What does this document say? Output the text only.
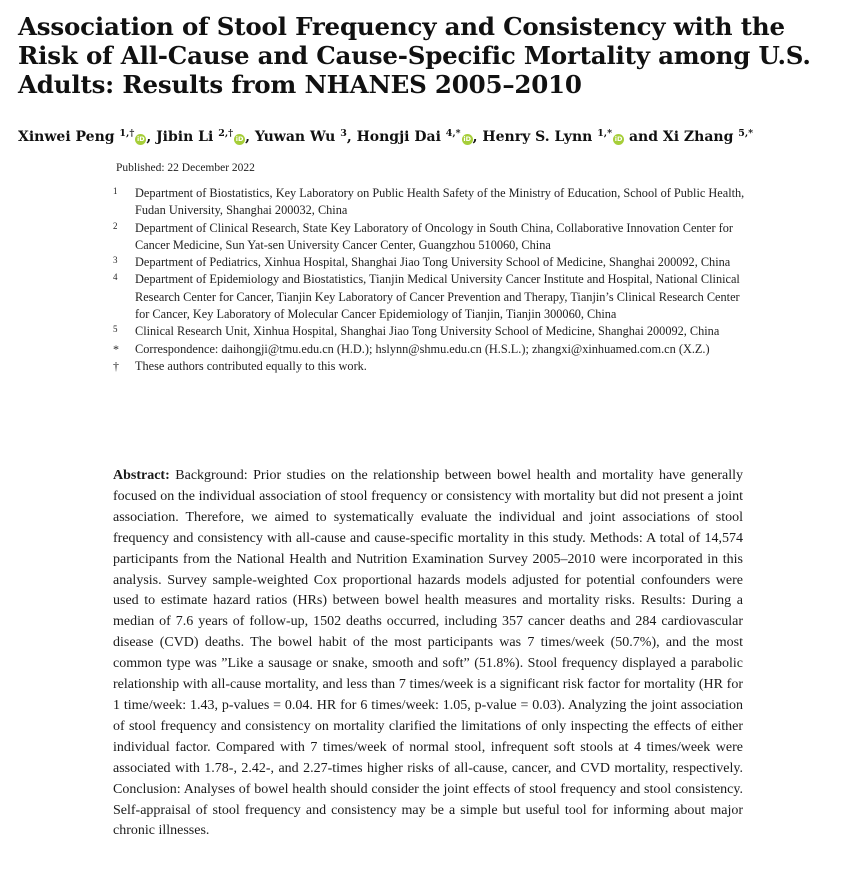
Association of Stool Frequency and Consistency with the Risk of All-Cause and Cause-Specific Mortality among U.S. Adults: Results from NHANES 2005–2010
Xinwei Peng $^{1,\dagger}$ iD , Jibin Li $^{2,\dagger}$ iD , Yuwan Wu $^3$, Hongji Dai $^{4,*}$ iD , Henry S. Lynn $^{1,*}$ iD and Xi Zhang $^{5,*}$
Published: 22 December 2022
1	Department of Biostatistics, Key Laboratory on Public Health Safety of the Ministry of Education, School of Public Health, Fudan University, Shanghai 200032, China
2	Department of Clinical Research, State Key Laboratory of Oncology in South China, Collaborative Innovation Center for Cancer Medicine, Sun Yat-sen University Cancer Center, Guangzhou 510060, China
3	Department of Pediatrics, Xinhua Hospital, Shanghai Jiao Tong University School of Medicine, Shanghai 200092, China
4	Department of Epidemiology and Biostatistics, Tianjin Medical University Cancer Institute and Hospital, National Clinical Research Center for Cancer, Tianjin Key Laboratory of Cancer Prevention and Therapy, Tianjin’s Clinical Research Center for Cancer, Key Laboratory of Molecular Cancer Epidemiology of Tianjin, Tianjin 300060, China
5	Clinical Research Unit, Xinhua Hospital, Shanghai Jiao Tong University School of Medicine, Shanghai 200092, China
*	Correspondence: daihongji@tmu.edu.cn (H.D.); hslynn@shmu.edu.cn (H.S.L.); zhangxi@xinhuamed.com.cn (X.Z.)
†	These authors contributed equally to this work.
Abstract: Background: Prior studies on the relationship between bowel health and mortality have generally focused on the individual association of stool frequency or consistency with mortality but did not present a joint association. Therefore, we aimed to systematically evaluate the individual and joint associations of stool frequency and consistency with all-cause and cause-specific mortality in this study. Methods: A total of 14,574 participants from the National Health and Nutrition Examination Survey 2005–2010 were incorporated in this analysis. Survey sample-weighted Cox proportional hazards models adjusted for potential confounders were used to estimate hazard ratios (HRs) between bowel health measures and mortality risks. Results: During a median of 7.6 years of follow-up, 1502 deaths occurred, including 357 cancer deaths and 284 cardiovascular disease (CVD) deaths. The bowel habit of the most participants was 7 times/week (50.7%), and the most common type was ”Like a sausage or snake, smooth and soft” (51.8%). Stool frequency displayed a parabolic relationship with all-cause mortality, and less than 7 times/week is a significant risk factor for mortality (HR for 1 time/week: 1.43, p-values = 0.04. HR for 6 times/week: 1.05, p-value = 0.03). Analyzing the joint association of stool frequency and consistency on mortality clarified the limitations of only inspecting the effects of either individual factor. Compared with 7 times/week of normal stool, infrequent soft stools at 4 times/week were associated with 1.78-, 2.42-, and 2.27-times higher risks of all-cause, cancer, and CVD mortality, respectively. Conclusion: Analyses of bowel health should consider the joint effects of stool frequency and stool consistency. Self-appraisal of stool frequency and consistency may be a simple but useful tool for informing about major chronic illnesses.
